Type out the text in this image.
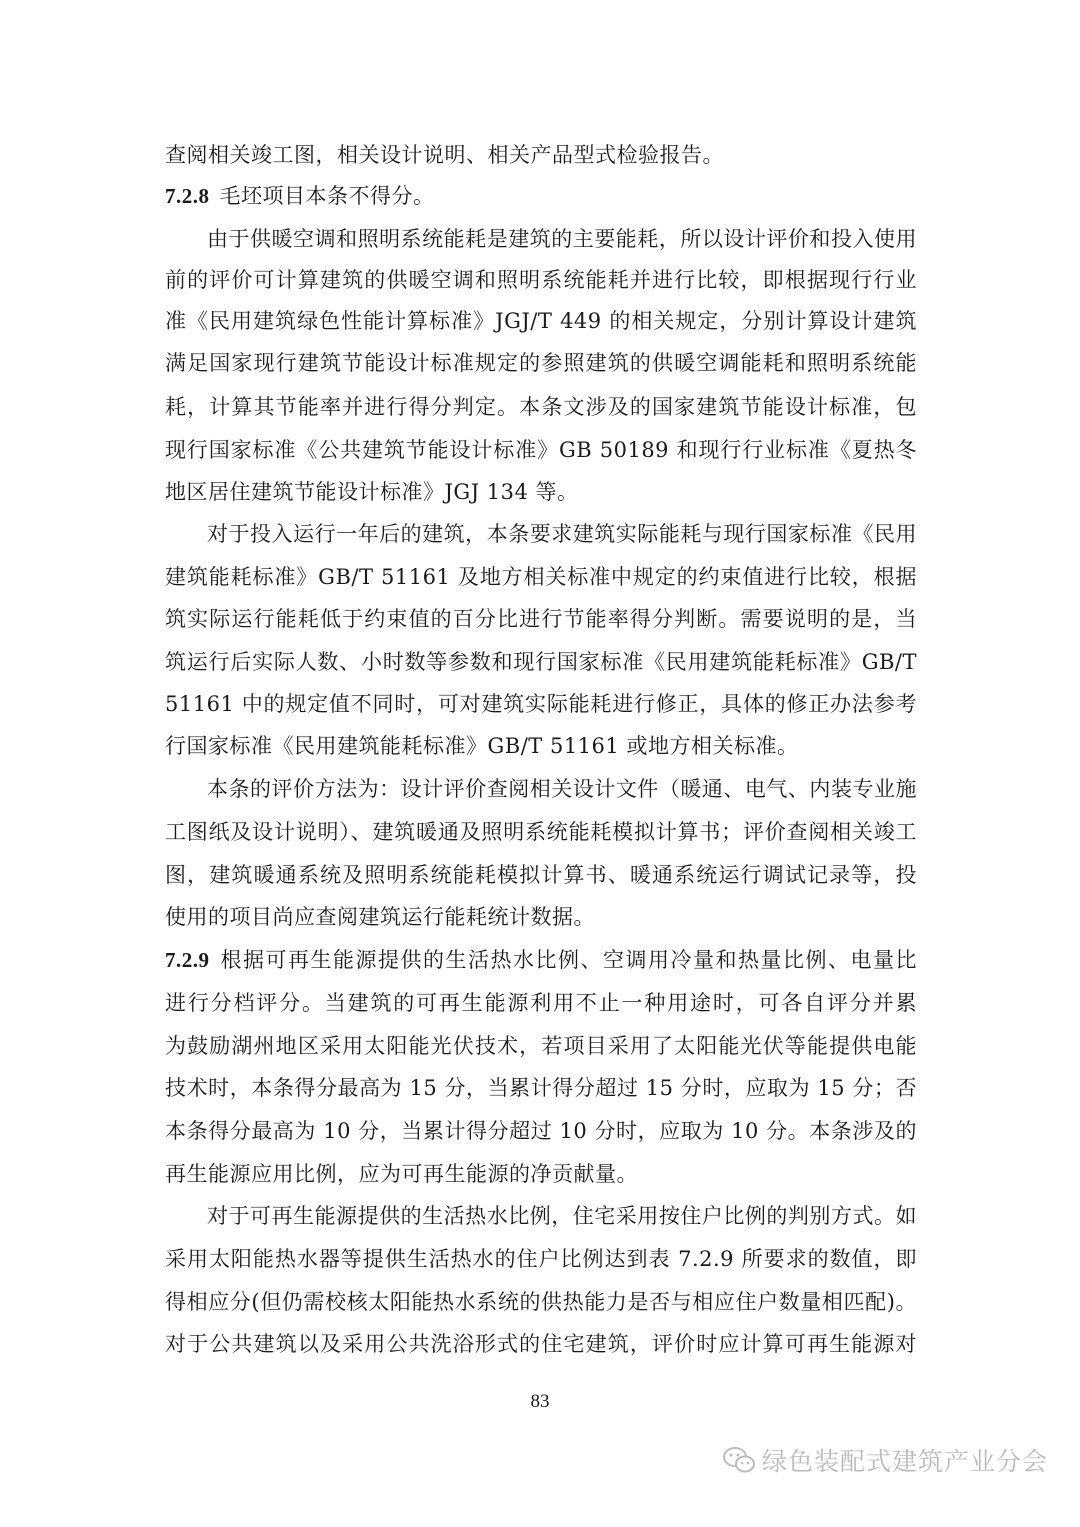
查阅相关竣工图，相关设计说明、相关产品型式检验报告。
7.2.8 毛坯项目本条不得分。
由于供暖空调和照明系统能耗是建筑的主要能耗，所以设计评价和投入使用
前的评价可计算建筑的供暖空调和照明系统能耗并进行比较，即根据现行行业
准《民用建筑绿色性能计算标准》JGJ/T 449 的相关规定，分别计算设计建筑
满足国家现行建筑节能设计标准规定的参照建筑的供暖空调能耗和照明系统能
耗，计算其节能率并进行得分判定。本条文涉及的国家建筑节能设计标准，包
现行国家标准《公共建筑节能设计标准》GB 50189 和现行行业标准《夏热冬
地区居住建筑节能设计标准》JGJ 134 等。
对于投入运行一年后的建筑，本条要求建筑实际能耗与现行国家标准《民用
建筑能耗标准》GB/T 51161 及地方相关标准中规定的约束值进行比较，根据
筑实际运行能耗低于约束值的百分比进行节能率得分判断。需要说明的是，当
筑运行后实际人数、小时数等参数和现行国家标准《民用建筑能耗标准》GB/T
51161 中的规定值不同时，可对建筑实际能耗进行修正，具体的修正办法参考
行国家标准《民用建筑能耗标准》GB/T 51161 或地方相关标准。
本条的评价方法为：设计评价查阅相关设计文件（暖通、电气、内装专业施
工图纸及设计说明）、建筑暖通及照明系统能耗模拟计算书；评价查阅相关竣工
图，建筑暖通系统及照明系统能耗模拟计算书、暖通系统运行调试记录等，投
使用的项目尚应查阅建筑运行能耗统计数据。
7.2.9 根据可再生能源提供的生活热水比例、空调用冷量和热量比例、电量比
进行分档评分。当建筑的可再生能源利用不止一种用途时，可各自评分并累
为鼓励湖州地区采用太阳能光伏技术，若项目采用了太阳能光伏等能提供电能
技术时，本条得分最高为 15 分，当累计得分超过 15 分时，应取为 15 分；否
本条得分最高为 10 分，当累计得分超过 10 分时，应取为 10 分。本条涉及的
再生能源应用比例，应为可再生能源的净贡献量。
对于可再生能源提供的生活热水比例，住宅采用按住户比例的判别方式。如
采用太阳能热水器等提供生活热水的住户比例达到表 7.2.9 所要求的数值，即
得相应分(但仍需校核太阳能热水系统的供热能力是否与相应住户数量相匹配)。
对于公共建筑以及采用公共洗浴形式的住宅建筑，评价时应计算可再生能源对
83
绿色装配式建筑产业分会
